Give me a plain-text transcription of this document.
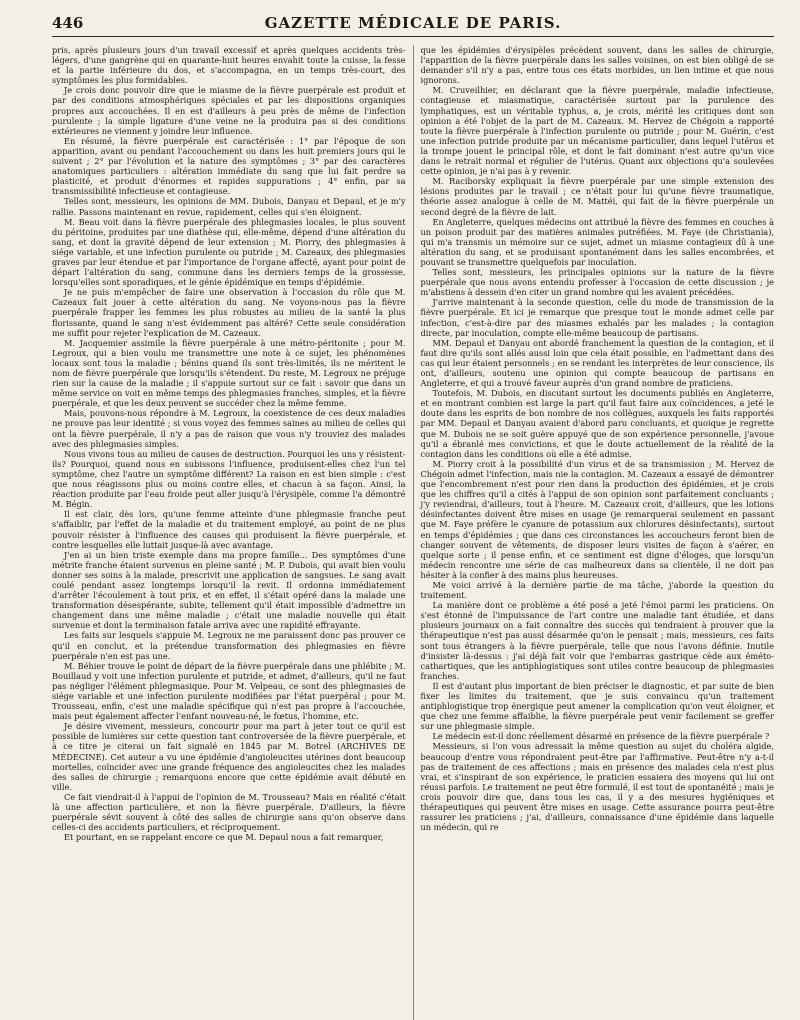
446	GAZETTE MÉDICALE DE PARIS.

pris, après plusieurs jours d'un travail excessif et après quelques accidents très-légers, d'une gangrène qui en quarante-huit heures envahit toute la cuisse, la fesse et la partie inférieure du dos, et s'accompagna, en un temps très-court, des symptômes les plus formidables.

Je crois donc pouvoir dire que le miasme de la fièvre puerpérale est produit et par des conditions atmosphériques spéciales et par les dispositions organiques propres aux accouchées. Il en est d'ailleurs à peu près de même de l'infection purulente ; la simple ligature d'une veine ne la produira pas si des conditions extérieures ne viennent y joindre leur influence.

En résumé, la fièvre puerpérale est caractérisée : 1° par l'époque de son apparition, avant ou pendant l'accouchement ou dans les huit premiers jours qui le suivent ; 2° par l'évolution et la nature des symptômes ; 3° par des caractères anatomiques particuliers : altération immédiate du sang que lui fait perdre sa plasticité, et produit d'énormes et rapides suppurations ; 4° enfin, par sa transmissibilité infectieuse et contagieuse.

Telles sont, messieurs, les opinions de MM. Dubois, Danyau et Depaul, et je m'y rallie. Passons maintenant en revue, rapidement, celles qui s'en éloignent.

M. Beau voit dans la fièvre puerpérale des phlegmasies locales, le plus souvent du péritoine, produites par une diathèse qui, elle-même, dépend d'une altération du sang, et dont la gravité dépend de leur extension ; M. Piorry, des phlegmasies à siége variable, et une infection purulente ou putride ; M. Cazeaux, des phlegmasies graves par leur étendue et par l'importance de l'organe affecté, ayant pour point de départ l'altération du sang, commune dans les derniers temps de la grossesse, lorsqu'elles sont sporadiques, et le génie épidémique en temps d'épidémie.

Je ne puis m'empêcher de faire une observation à l'occasion du rôle que M. Cazeaux fait jouer à cette altération du sang. Ne voyons-nous pas la fièvre puerpérale frapper les femmes les plus robustes au milieu de la santé la plus florissante, quand le sang n'est évidemment pas altéré? Cette seule considération me suffit pour rejeter l'explication de M. Cazeaux.

M. Jacquemier assimile la fièvre puerpérale à une métro-péritonite ; pour M. Legroux, qui a bien voulu me transmettre une note à ce sujet, les phénomènes locaux sont tous la maladie ; bénins quand ils sont très-limités, ils ne méritent le nom de fièvre puerpérale que lorsqu'ils s'étendent. Du reste, M. Legroux ne préjuge rien sur la cause de la maladie ; il s'appuie surtout sur ce fait : savoir que dans un même service on voit en même temps des phlegmasies franches, simples, et la fièvre puerpérale, et que les deux peuvent se succéder chez la même femme.

Mais, pouvons-nous répondre à M. Legroux, la coexistence de ces deux maladies ne prouve pas leur identité ; si vous voyez des femmes saines au milieu de celles qui ont la fièvre puerpérale, il n'y a pas de raison que vous n'y trouviez des malades avec des phlegmasies simples.

Nous vivons tous au milieu de causes de destruction. Pourquoi les uns y résistent-ils? Pourquoi, quand nous en subissons l'influence, produisent-elles chez l'un tel symptôme, chez l'autre un symptôme différent? La raison en est bien simple : c'est que nous réagissons plus ou moins contre elles, et chacun à sa façon. Ainsi, la réaction produite par l'eau froide peut aller jusqu'à l'érysipèle, comme l'a démontré M. Bégin.

Il est clair, dès lors, qu'une femme atteinte d'une phlegmasie franche peut s'affaiblir, par l'effet de la maladie et du traitement employé, au point de ne plus pouvoir résister à l'influence des causes qui produisent la fièvre puerpérale, et contre lesquelles elle luttait jusque-là avec avantage.

J'en ai un bien triste exemple dans ma propre famille... Des symptômes d'une métrite franche étaient survenus en pleine santé ; M. P. Dubois, qui avait bien voulu donner ses soins à la malade, prescrivit une application de sangsues. Le sang avait coulé pendant assez longtemps lorsqu'il la revit. Il ordonna immédiatement d'arrêter l'écoulement à tout prix, et en effet, il s'était opéré dans la malade une transformation désespérante, subite, tellement qu'il était impossible d'admettre un changement dans une même maladie ; c'était une maladie nouvelle qui était survenue et dont la terminaison fatale arriva avec une rapidité effrayante.

Les faits sur lesquels s'appuie M. Legroux ne me paraissent donc pas prouver ce qu'il en conclut, et la prétendue transformation des phlegmasies en fièvre puerpérale n'en est pas une.

M. Béhier trouve le point de départ de la fièvre puerpérale dans une phlébite ; M. Bouillaud y voit une infection purulente et putride, et admet, d'ailleurs, qu'il ne faut pas négliger l'élément phlegmasique. Pour M. Velpeau, ce sont des phlegmasies de siége variable et une infection purulente modifiées par l'état puerpéral ; pour M. Trousseau, enfin, c'est une maladie spécifique qui n'est pas propre à l'accouchée, mais peut également affecter l'enfant nouveau-né, le fœtus, l'homme, etc.

Je désire vivement, messieurs, concourir pour ma part à jeter tout ce qu'il est possible de lumières sur cette question tant controversée de la fièvre puerpérale, et à ce titre je citerai un fait signalé en 1845 par M. Botrel (ARCHIVES DE MÉDECINE). Cet auteur a vu une épidémie d'angioleucites utérines dont beaucoup mortelles, coïncider avec une grande fréquence des angioleucites chez les malades des salles de chirurgie ; remarquons encore que cette épidémie avait débuté en ville.

Ce fait viendrait-il à l'appui de l'opinion de M. Trousseau? Mais en réalité c'était là une affection particulière, et non la fièvre puerpérale. D'ailleurs, la fièvre puerpérale sévit souvent à côté des salles de chirurgie sans qu'on observe dans celles-ci des accidents particuliers, et réciproquement.

Et pourtant, en se rappelant encore ce que M. Depaul nous a fait remarquer,

que les épidémies d'érysipèles précèdent souvent, dans les salles de chirurgie, l'apparition de la fièvre puerpérale dans les salles voisines, on est bien obligé de se demander s'il n'y a pas, entre tous ces états morbides, un lien intime et que nous ignorons.

M. Cruveilhier, en déclarant que la fièvre puerpérale, maladie infectieuse, contagieuse et miasmatique, caractérisée surtout par la purulence des lymphatiques, est un véritable typhus, a, je crois, mérité les critiques dont son opinion a été l'objet de la part de M. Cazeaux. M. Hervez de Chégoin a rapporté toute la fièvre puerpérale à l'infection purulente ou putride ; pour M. Guérin, c'est une infection putride produite par un mécanisme particulier, dans lequel l'utérus et la trompe jouent le principal rôle, et dont le fait dominant n'est autre qu'un vice dans le retrait normal et régulier de l'utérus. Quant aux objections qu'a soulevées cette opinion, je n'ai pas à y revenir.

M. Raciborsky expliquait la fièvre puerpérale par une simple extension des lésions produites par le travail ; ce n'était pour lui qu'une fièvre traumatique, théorie assez analogue à celle de M. Mattéi, qui fait de la fièvre puerpérale un second degré de la fièvre de lait.

En Angleterre, quelques médecins ont attribué la fièvre des femmes en couches à un poison produit par des matières animales putréfiées. M. Faye (de Christiania), qui m'a transmis un mémoire sur ce sujet, admet un miasme contagieux dû à une altération du sang, et se produisant spontanément dans les salles encombrées, et pouvant se transmettre quelquefois par inoculation.

Telles sont, messieurs, les principales opinions sur la nature de la fièvre puerpérale que nous avons entendu professer à l'occasion de cette discussion ; je m'abstiens à dessein d'en citer un grand nombre qui les avaient précédées.

J'arrive maintenant à la seconde question, celle du mode de transmission de la fièvre puerpérale. Et ici je remarque que presque tout le monde admet celle par infection, c'est-à-dire par des miasmes exhalés par les malades ; la contagion directe, par inoculation, compte elle-même beaucoup de partisans.

MM. Depaul et Danyau ont abordé franchement la question de la contagion, et il faut dire qu'ils sont allés aussi loin que cela était possible, en l'admettant dans des cas qui leur étaient personnels ; en se rendant les interprètes de leur conscience, ils ont, d'ailleurs, soutenu une opinion qui compte beaucoup de partisans en Angleterre, et qui a trouvé faveur auprès d'un grand nombre de praticiens.

Toutefois, M. Dubois, en discutant surtout les documents publiés en Angleterre, et en montrant combien est large la part qu'il faut faire aux coïncidences, a jeté le doute dans les esprits de bon nombre de nos collègues, auxquels les faits rapportés par MM. Depaul et Danyau avaient d'abord paru concluants, et quoique je regrette que M. Dubois ne se soit guère appuyé que de son expérience personnelle, j'avoue qu'il a ébranlé mes convictions, et que le doute actuellement de la réalité de la contagion dans les conditions où elle a été admise.

M. Piorry croit à la possibilité d'un virus et de sa transmission ; M. Hervez de Chégoin admet l'infection, mais nie la contagion. M. Cazeaux a essayé de démontrer que l'encombrement n'est pour rien dans la production des épidémies, et je crois que les chiffres qu'il a cités à l'appui de son opinion sont parfaitement concluants ; j'y reviendrai, d'ailleurs, tout à l'heure. M. Cazeaux croit, d'ailleurs, que les lotions désinfectantes doivent être mises en usage (je remarquerai seulement en passant que M. Faye préfère le cyanure de potassium aux chlorures désinfectants), surtout en temps d'épidémies ; que dans ces circonstances les accoucheurs feront bien de changer souvent de vêtements, de disposer leurs visites de façon à s'aérer, en quelque sorte ; il pense enfin, et ce sentiment est digne d'éloges, que lorsqu'un médecin rencontre une série de cas malheureux dans sa clientèle, il ne doit pas hésiter à la confier à des mains plus heureuses.

Me voici arrivé à la dernière partie de ma tâche, j'aborde la question du traitement.

La manière dont ce problème a été posé a jeté l'émoi parmi les praticiens. On s'est étonné de l'impuissance de l'art contre une maladie tant étudiée, et dans plusieurs journaux on a fait connaître des succès qui tendraient à prouver que la thérapeutique n'est pas aussi désarmée qu'on le pensait ; mais, messieurs, ces faits sont tous étrangers à la fièvre puerpérale, telle que nous l'avons définie. Inutile d'insister là-dessus : j'ai déjà fait voir que l'embarras gastrique cède aux éméto-cathartiques, que les antiphlogistiques sont utiles contre beaucoup de phlegmasies franches.

Il est d'autant plus important de bien préciser le diagnostic, et par suite de bien fixer les limites du traitement, que je suis convaincu qu'un traitement antiphlogistique trop énergique peut amener la complication qu'on veut éloigner, et que chez une femme affaiblie, la fièvre puerpérale peut venir facilement se greffer sur une phlegmasie simple.

Le médecin est-il donc réellement désarmé en présence de la fièvre puerpérale ?

Messieurs, si l'on vous adressait la même question au sujet du choléra algide, beaucoup d'entre vous répondraient peut-être par l'affirmative. Peut-être n'y a-t-il pas de traitement de ces affections ; mais en présence des malades cela n'est plus vrai, et s'inspirant de son expérience, le praticien essaiera des moyens qui lui ont réussi parfois. Le traitement ne peut être formulé, il est tout de spontanéité ; mais je crois pouvoir dire que, dans tous les cas, il y a des mesures hygiéniques et thérapeutiques qui peuvent être mises en usage. Cette assurance pourra peut-être rassurer les praticiens ; j'ai, d'ailleurs, connaissance d'une épidémie dans laquelle un médecin, qui re
